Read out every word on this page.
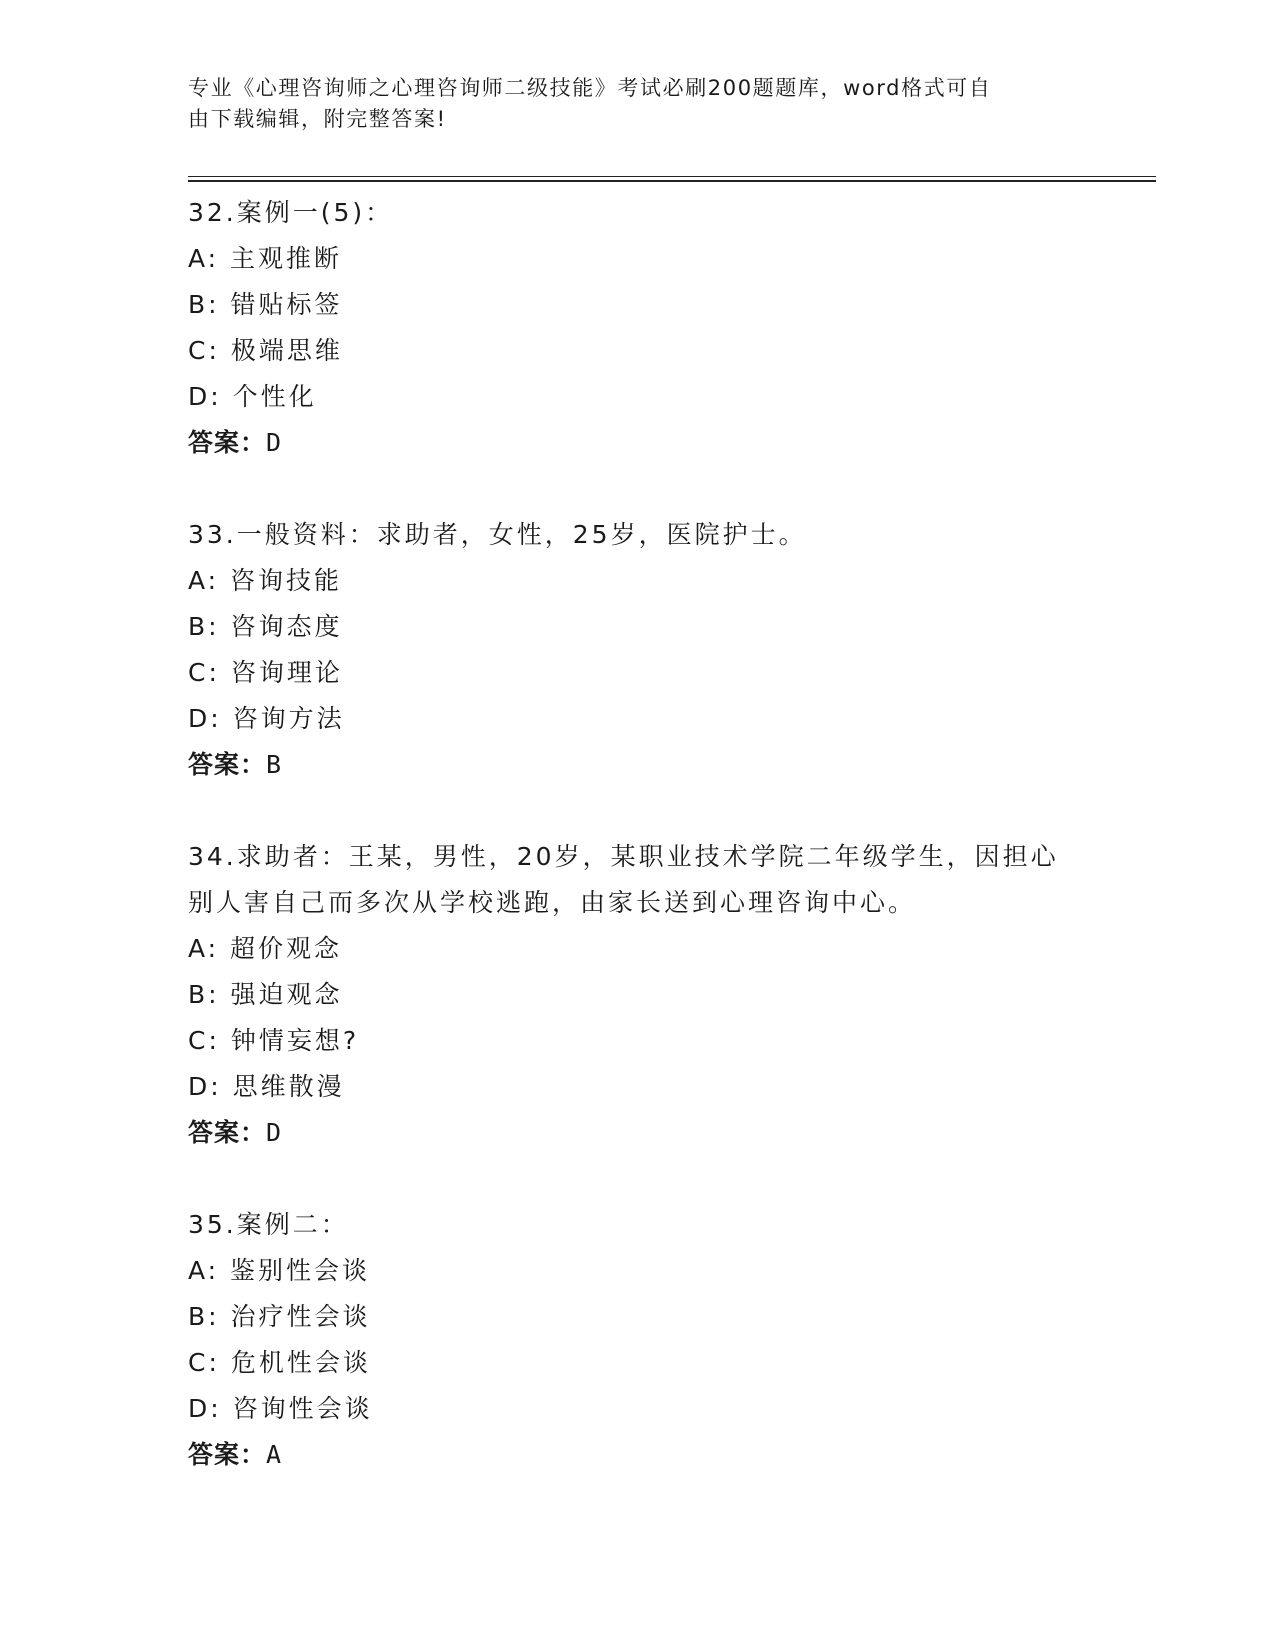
专业《心理咨询师之心理咨询师二级技能》考试必刷200题题库，word格式可自
由下载编辑，附完整答案!
32.案例一(5)：
A: 主观推断
B: 错贴标签
C: 极端思维
D: 个性化
答案：D
33.一般资料：求助者，女性，25岁，医院护士。
A: 咨询技能
B: 咨询态度
C: 咨询理论
D: 咨询方法
答案：B
34.求助者：王某，男性，20岁，某职业技术学院二年级学生，因担心
别人害自己而多次从学校逃跑，由家长送到心理咨询中心。
A: 超价观念
B: 强迫观念
C: 钟情妄想?
D: 思维散漫
答案：D
35.案例二：
A: 鉴别性会谈
B: 治疗性会谈
C: 危机性会谈
D: 咨询性会谈
答案：A
